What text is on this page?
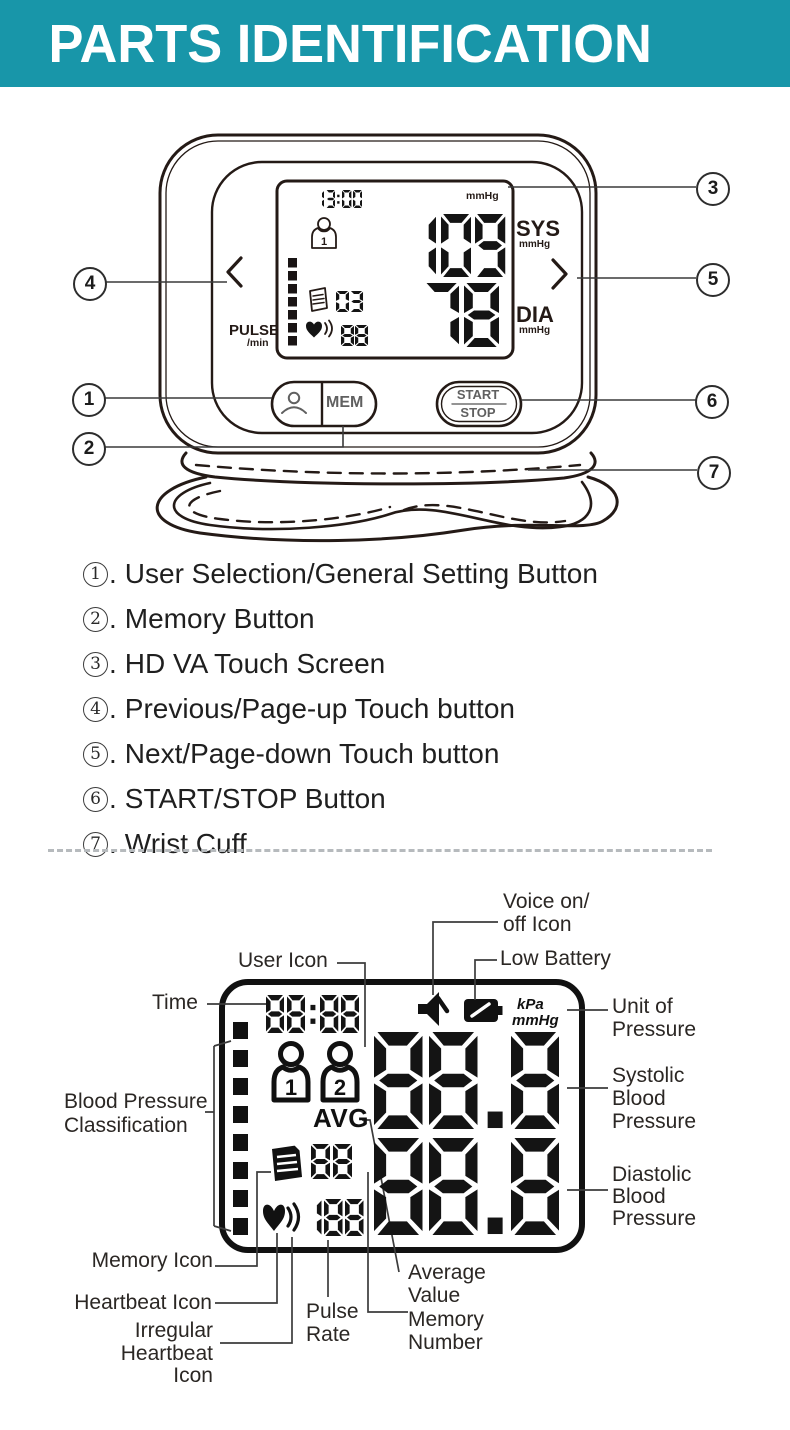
PARTS IDENTIFICATION
1
mmHg
SYS
mmHg
DIA
mmHg
PULSE
/min
MEM	START
STOP
1
2
3
4	5
6
7
1 . User Selection/General Setting Button
2 . Memory Button
3 . HD VA Touch Screen
4 . Previous/Page-up Touch button
5 . Next/Page-down Touch button
6 . START/STOP Button
7 . Wrist Cuff
1 2
kPa
mmHg
AVG
Voice on/
off Icon
Low Battery
User Icon
Time	Unit of
Pressure
Systolic
Blood
Pressure
Diastolic
Blood
Pressure
Blood Pressure
Classification
Memory Icon
Heartbeat Icon
Irregular
Heartbeat
Icon
Pulse
Rate
Average
Value
Memory
Number
